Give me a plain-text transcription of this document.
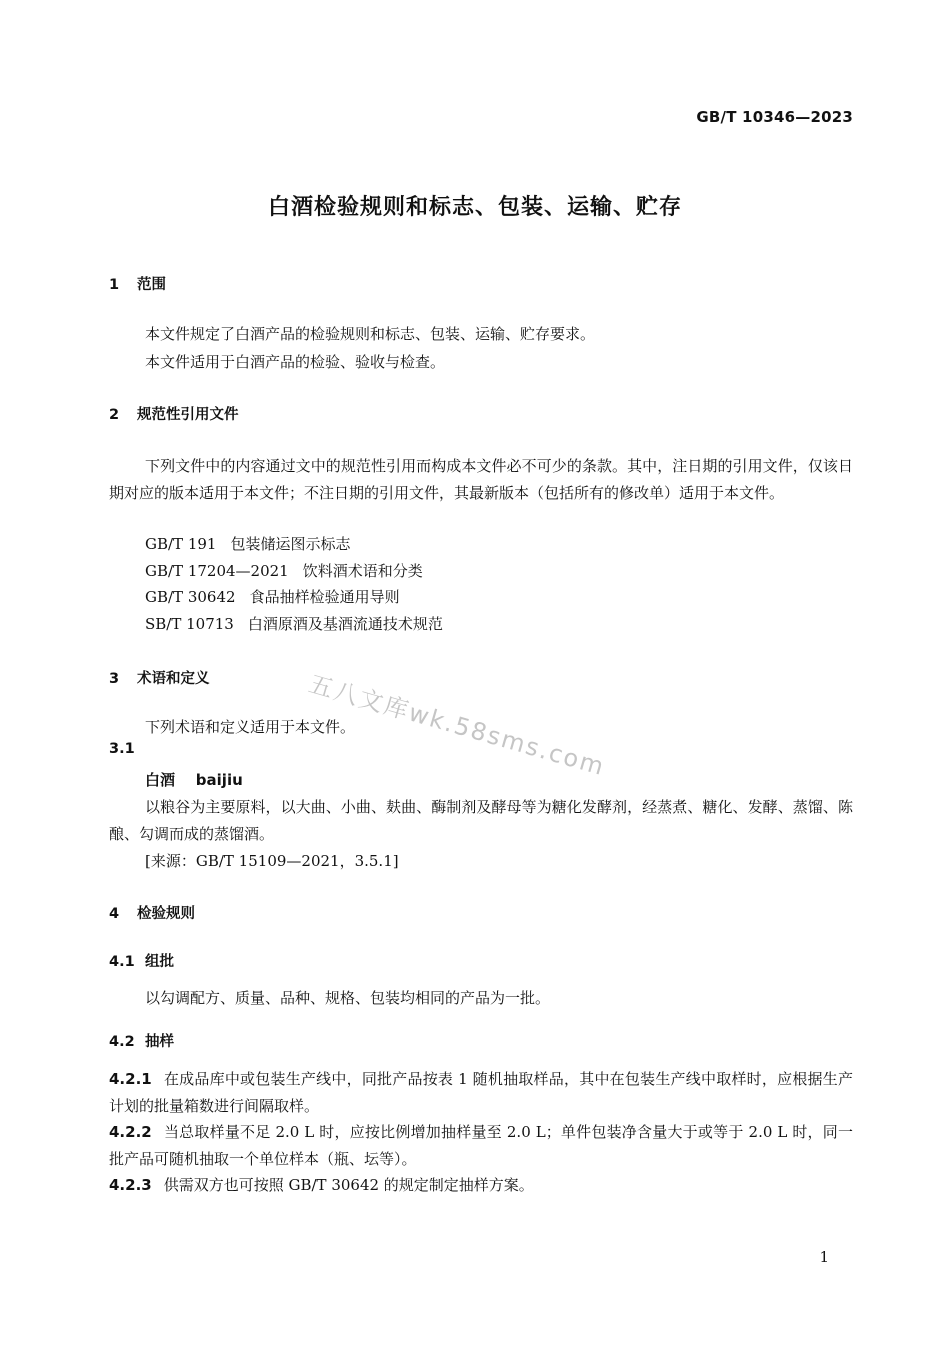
GB/T 10346—2023
白酒检验规则和标志、包装、运输、贮存
1 范围
本文件规定了白酒产品的检验规则和标志、包装、运输、贮存要求。
本文件适用于白酒产品的检验、验收与检查。
2 规范性引用文件
下列文件中的内容通过文中的规范性引用而构成本文件必不可少的条款。其中，注日期的引用文件，仅该日期对应的版本适用于本文件；不注日期的引用文件，其最新版本（包括所有的修改单）适用于本文件。
GB/T 191 包装储运图示标志
GB/T 17204—2021 饮料酒术语和分类
GB/T 30642 食品抽样检验通用导则
SB/T 10713 白酒原酒及基酒流通技术规范
五八文库wk.58sms.com
3 术语和定义
下列术语和定义适用于本文件。
3.1
白酒 baijiu
以粮谷为主要原料，以大曲、小曲、麸曲、酶制剂及酵母等为糖化发酵剂，经蒸煮、糖化、发酵、蒸馏、陈酿、勾调而成的蒸馏酒。
[来源：GB/T 15109—2021，3.5.1]
4 检验规则
4.1 组批
以勾调配方、质量、品种、规格、包装均相同的产品为一批。
4.2 抽样
4.2.1 在成品库中或包装生产线中，同批产品按表 1 随机抽取样品，其中在包装生产线中取样时，应根据生产计划的批量箱数进行间隔取样。
4.2.2 当总取样量不足 2.0 L 时，应按比例增加抽样量至 2.0 L；单件包装净含量大于或等于 2.0 L 时，同一批产品可随机抽取一个单位样本（瓶、坛等）。
4.2.3 供需双方也可按照 GB/T 30642 的规定制定抽样方案。
1
